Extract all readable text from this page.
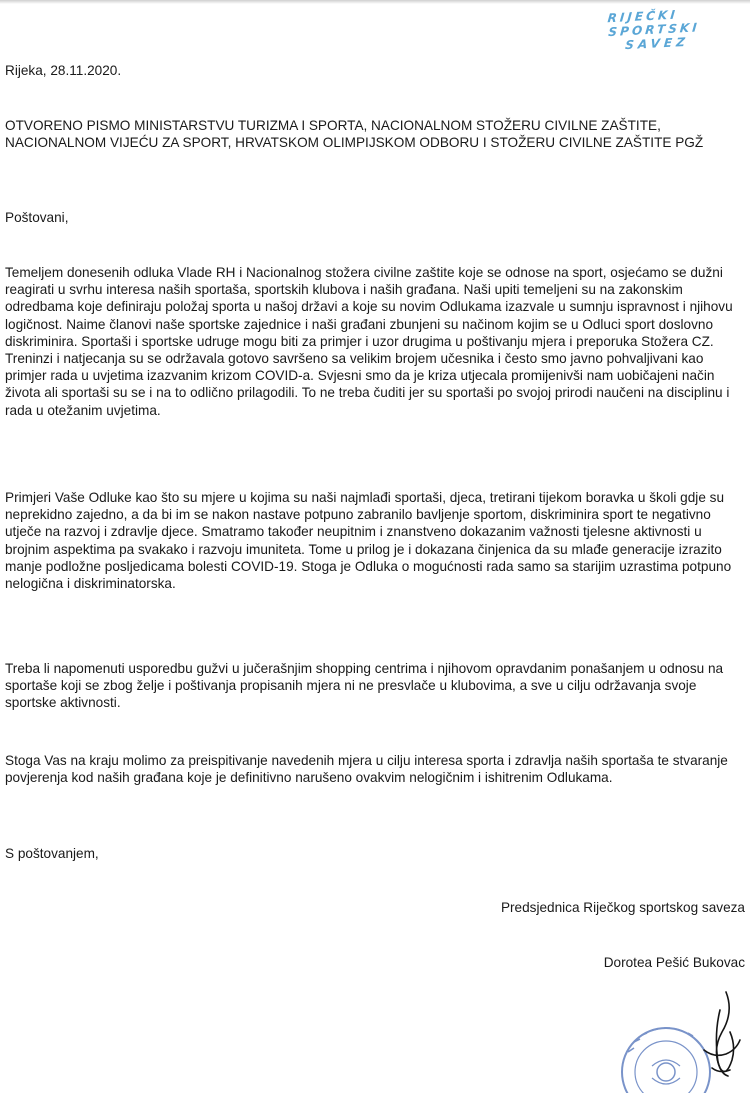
RIJEČKI
SPORTSKI
SAVEZ
Rijeka, 28.11.2020.
OTVORENO PISMO MINISTARSTVU TURIZMA I SPORTA, NACIONALNOM STOŽERU CIVILNE ZAŠTITE, NACIONALNOM VIJEĆU ZA SPORT, HRVATSKOM OLIMPIJSKOM ODBORU I STOŽERU CIVILNE ZAŠTITE PGŽ
Poštovani,
Temeljem donesenih odluka Vlade RH i Nacionalnog stožera civilne zaštite koje se odnose na sport, osjećamo se dužni reagirati u svrhu interesa naših sportaša, sportskih klubova i naših građana. Naši upiti temeljeni su na zakonskim odredbama koje definiraju položaj sporta u našoj državi a koje su novim Odlukama izazvale u sumnju ispravnost i njihovu logičnost. Naime članovi naše sportske zajednice i naši građani zbunjeni su načinom kojim se u Odluci sport doslovno diskriminira. Sportaši i sportske udruge mogu biti za primjer i uzor drugima u poštivanju mjera i preporuka Stožera CZ. Treninzi i natjecanja su se održavala gotovo savršeno sa velikim brojem učesnika i često smo javno pohvaljivani kao primjer rada u uvjetima izazvanim krizom COVID-a. Svjesni smo da je kriza utjecala promijenivši nam uobičajeni način života ali sportaši su se i na to odlično prilagodili. To ne treba čuditi jer su sportaši po svojoj prirodi naučeni na disciplinu i rada u otežanim uvjetima.
Primjeri Vaše Odluke kao što su mjere u kojima su naši najmlađi sportaši, djeca, tretirani tijekom boravka u školi gdje su neprekidno zajedno, a da bi im se nakon nastave potpuno zabranilo bavljenje sportom, diskriminira sport te negativno utječe na razvoj i zdravlje djece. Smatramo također neupitnim i znanstveno dokazanim važnosti tjelesne aktivnosti u brojnim aspektima pa svakako i razvoju imuniteta. Tome u prilog je i dokazana činjenica da su mlađe generacije izrazito manje podložne posljedicama bolesti COVID-19. Stoga je Odluka o mogućnosti rada samo sa starijim uzrastima potpuno nelogična i diskriminatorska.
Treba li napomenuti usporedbu gužvi u jučerašnjim shopping centrima i njihovom opravdanim ponašanjem u odnosu na sportaše koji se zbog želje i poštivanja propisanih mjera ni ne presvlače u klubovima, a sve u cilju održavanja svoje sportske aktivnosti.
Stoga Vas na kraju molimo za preispitivanje navedenih mjera u cilju interesa sporta i zdravlja naših sportaša te stvaranje povjerenja kod naših građana koje je definitivno narušeno ovakvim nelogičnim i ishitrenim Odlukama.
S poštovanjem,
Predsjednica Riječkog sportskog saveza
Dorotea Pešić Bukovac
